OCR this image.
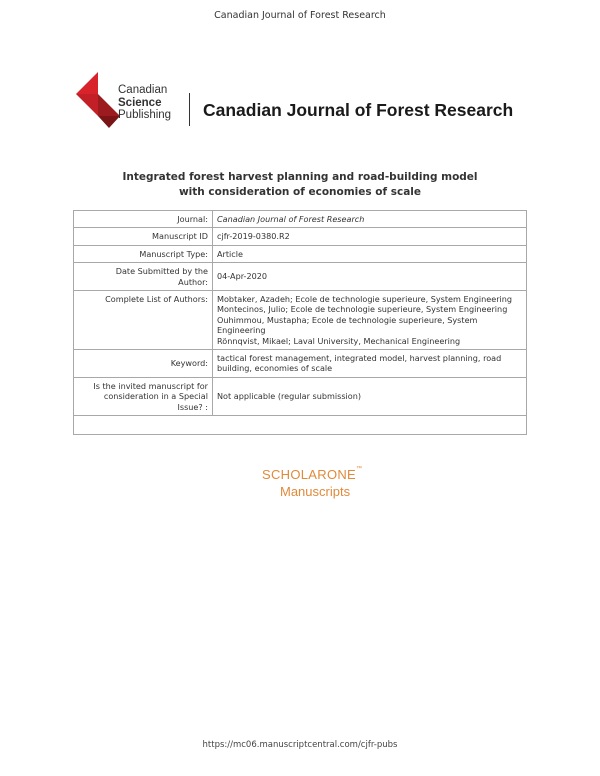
Canadian Journal of Forest Research
Canadian
Science
Publishing Canadian Journal of Forest Research
Integrated forest harvest planning and road-building model
with consideration of economies of scale
Journal:	Canadian Journal of Forest Research
Manuscript ID	cjfr-2019-0380.R2
Manuscript Type:	Article

Date Submitted by the
Author:	04-Apr-2020

Complete List of Authors:	Mobtaker, Azadeh; Ecole de technologie superieure, System Engineering
Montecinos, Julio; Ecole de technologie superieure, System Engineering
Ouhimmou, Mustapha; Ecole de technologie superieure, System
Engineering
Rönnqvist, Mikael; Laval University, Mechanical Engineering

Keyword:	tactical forest management, integrated model, harvest planning, road
building, economies of scale

Is the invited manuscript for
consideration in a Special
Issue? :	Not applicable (regular submission)

SCHOLARONE™
Manuscripts
https://mc06.manuscriptcentral.com/cjfr-pubs
